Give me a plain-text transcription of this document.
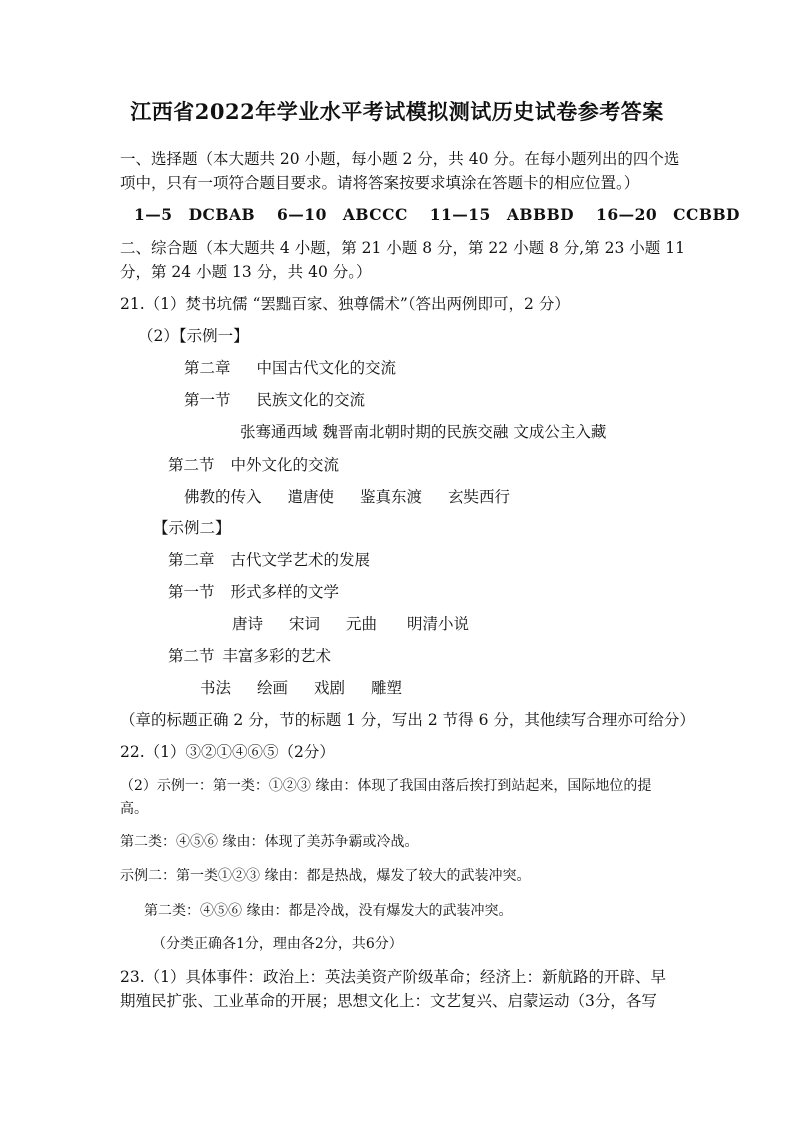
江西省2022年学业水平考试模拟测试历史试卷参考答案
一、选择题（本大题共 20 小题，每小题 2 分，共 40 分。在每小题列出的四个选
项中，只有一项符合题目要求。请将答案按要求填涂在答题卡的相应位置。）
1—5 DCBAB 6—10 ABCCC 11—15 ABBBD 16—20 CCBBD
二、综合题（本大题共 4 小题，第 21 小题 8 分，第 22 小题 8 分,第 23 小题 11
分，第 24 小题 13 分，共 40 分。）
21.（1）焚书坑儒 “罢黜百家、独尊儒术”（答出两例即可，2 分）
（2）【示例一】
第二章 中国古代文化的交流
第一节 民族文化的交流
张骞通西域 魏晋南北朝时期的民族交融 文成公主入藏
第二节 中外文化的交流
佛教的传入 遣唐使 鉴真东渡 玄奘西行
【示例二】
第二章 古代文学艺术的发展
第一节 形式多样的文学
唐诗 宋词 元曲 明清小说
第二节 丰富多彩的艺术
书法 绘画 戏剧 雕塑
（章的标题正确 2 分，节的标题 1 分，写出 2 节得 6 分，其他续写合理亦可给分）
22.（1）③②①④⑥⑤（2分）
（2）示例一：第一类：①②③ 缘由：体现了我国由落后挨打到站起来，国际地位的提
高。
第二类：④⑤⑥ 缘由：体现了美苏争霸或冷战。
示例二：第一类①②③ 缘由：都是热战，爆发了较大的武装冲突。
第二类：④⑤⑥ 缘由：都是冷战，没有爆发大的武装冲突。
（分类正确各1分，理由各2分，共6分）
23.（1）具体事件：政治上：英法美资产阶级革命；经济上：新航路的开辟、早
期殖民扩张、工业革命的开展；思想文化上：文艺复兴、启蒙运动（3分，各写
